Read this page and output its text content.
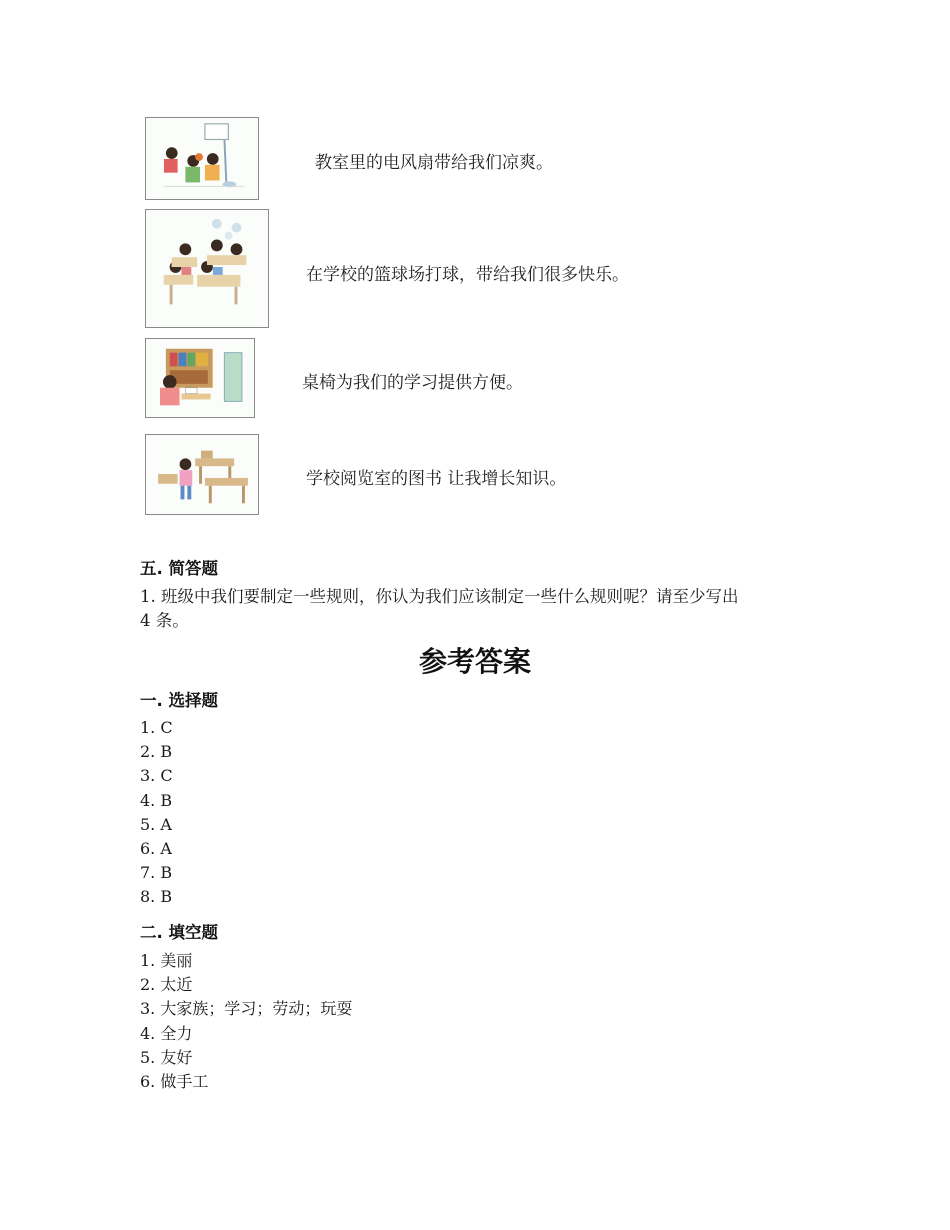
教室里的电风扇带给我们凉爽。
在学校的篮球场打球，带给我们很多快乐。
桌椅为我们的学习提供方便。
学校阅览室的图书 让我增长知识。
五. 简答题
1. 班级中我们要制定一些规则，你认为我们应该制定一些什么规则呢？请至少写出
4 条。
参考答案
一. 选择题
1. C
2. B
3. C
4. B
5. A
6. A
7. B
8. B
二. 填空题
1. 美丽
2. 太近
3. 大家族；学习；劳动；玩耍
4. 全力
5. 友好
6. 做手工
